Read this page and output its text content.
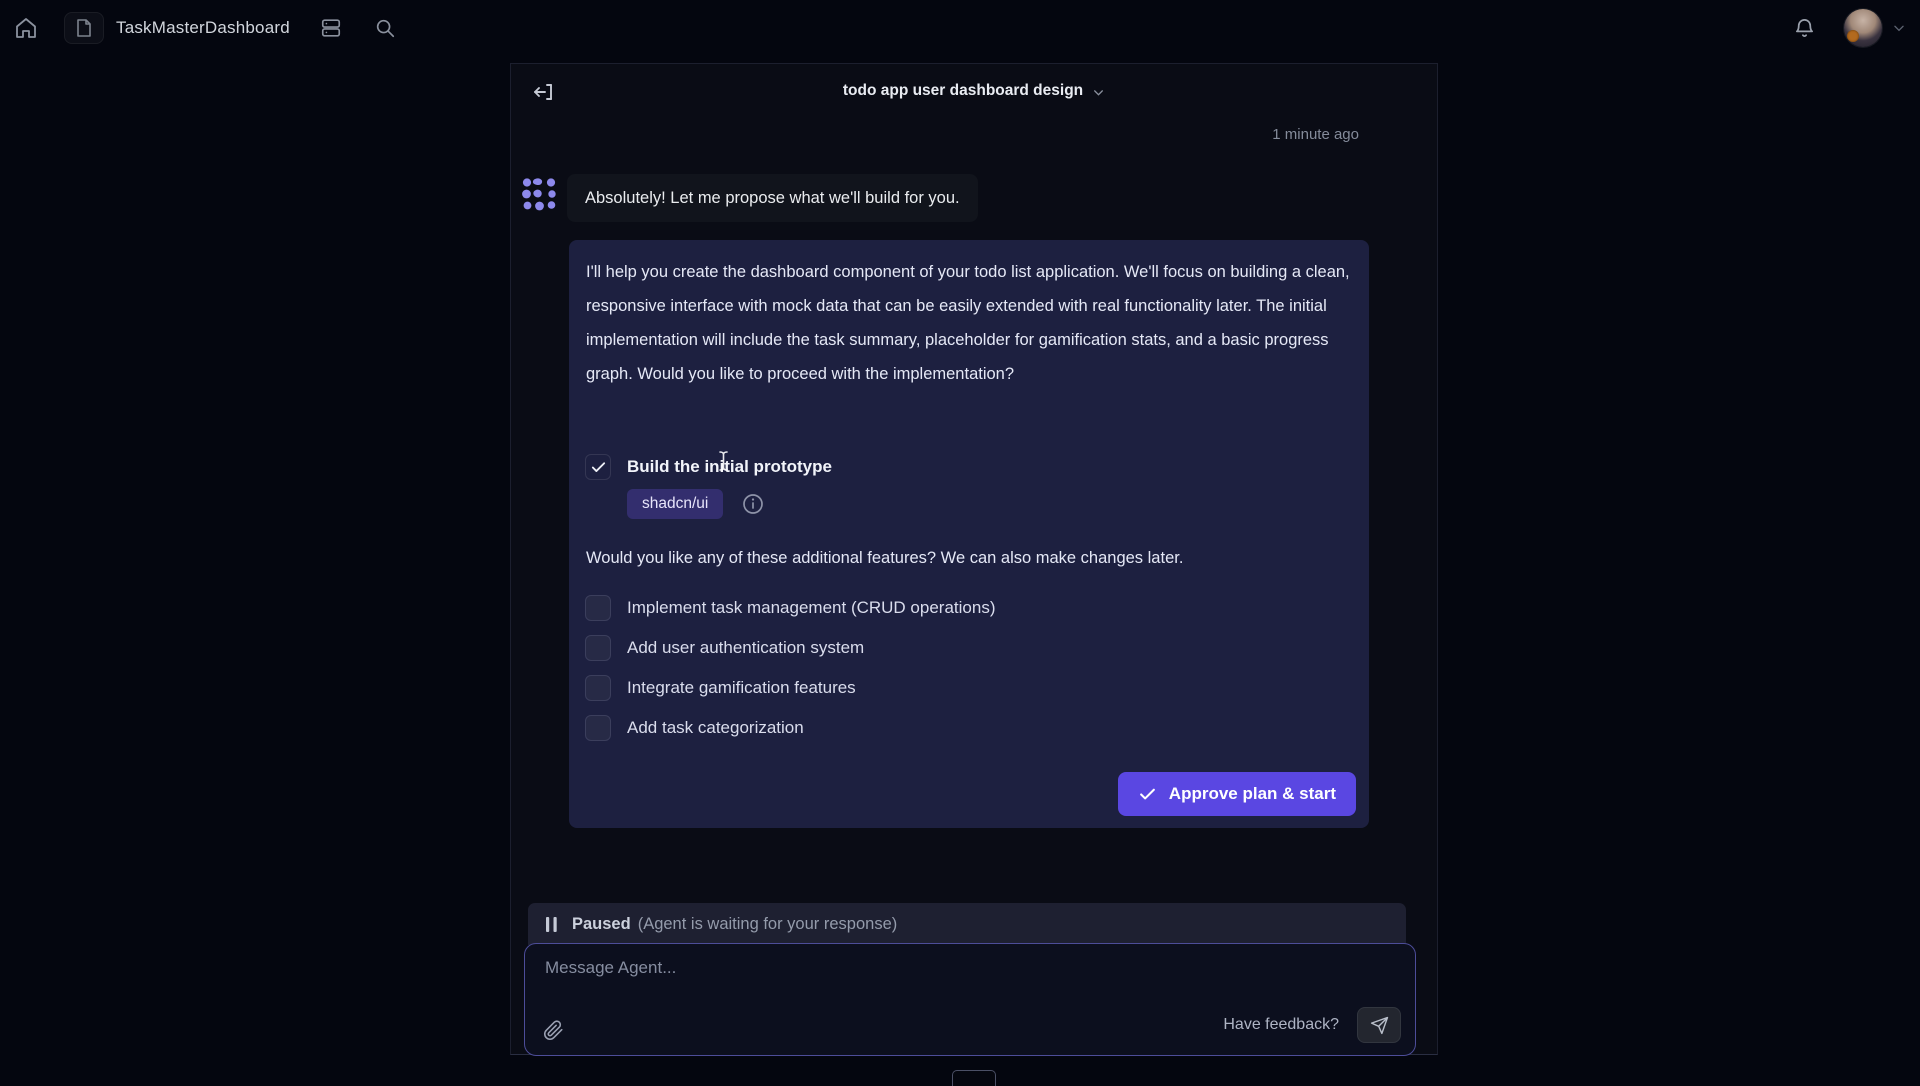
TaskMasterDashboard
todo app user dashboard design
1 minute ago
Absolutely! Let me propose what we'll build for you.
I'll help you create the dashboard component of your todo list application. We'll focus on building a clean, responsive interface with mock data that can be easily extended with real functionality later. The initial implementation will include the task summary, placeholder for gamification stats, and a basic progress graph. Would you like to proceed with the implementation?
Build the initial prototype
shadcn/ui
Would you like any of these additional features? We can also make changes later.
Implement task management (CRUD operations)
Add user authentication system
Integrate gamification features
Add task categorization
Approve plan & start
Paused (Agent is waiting for your response)
Message Agent...
Have feedback?
